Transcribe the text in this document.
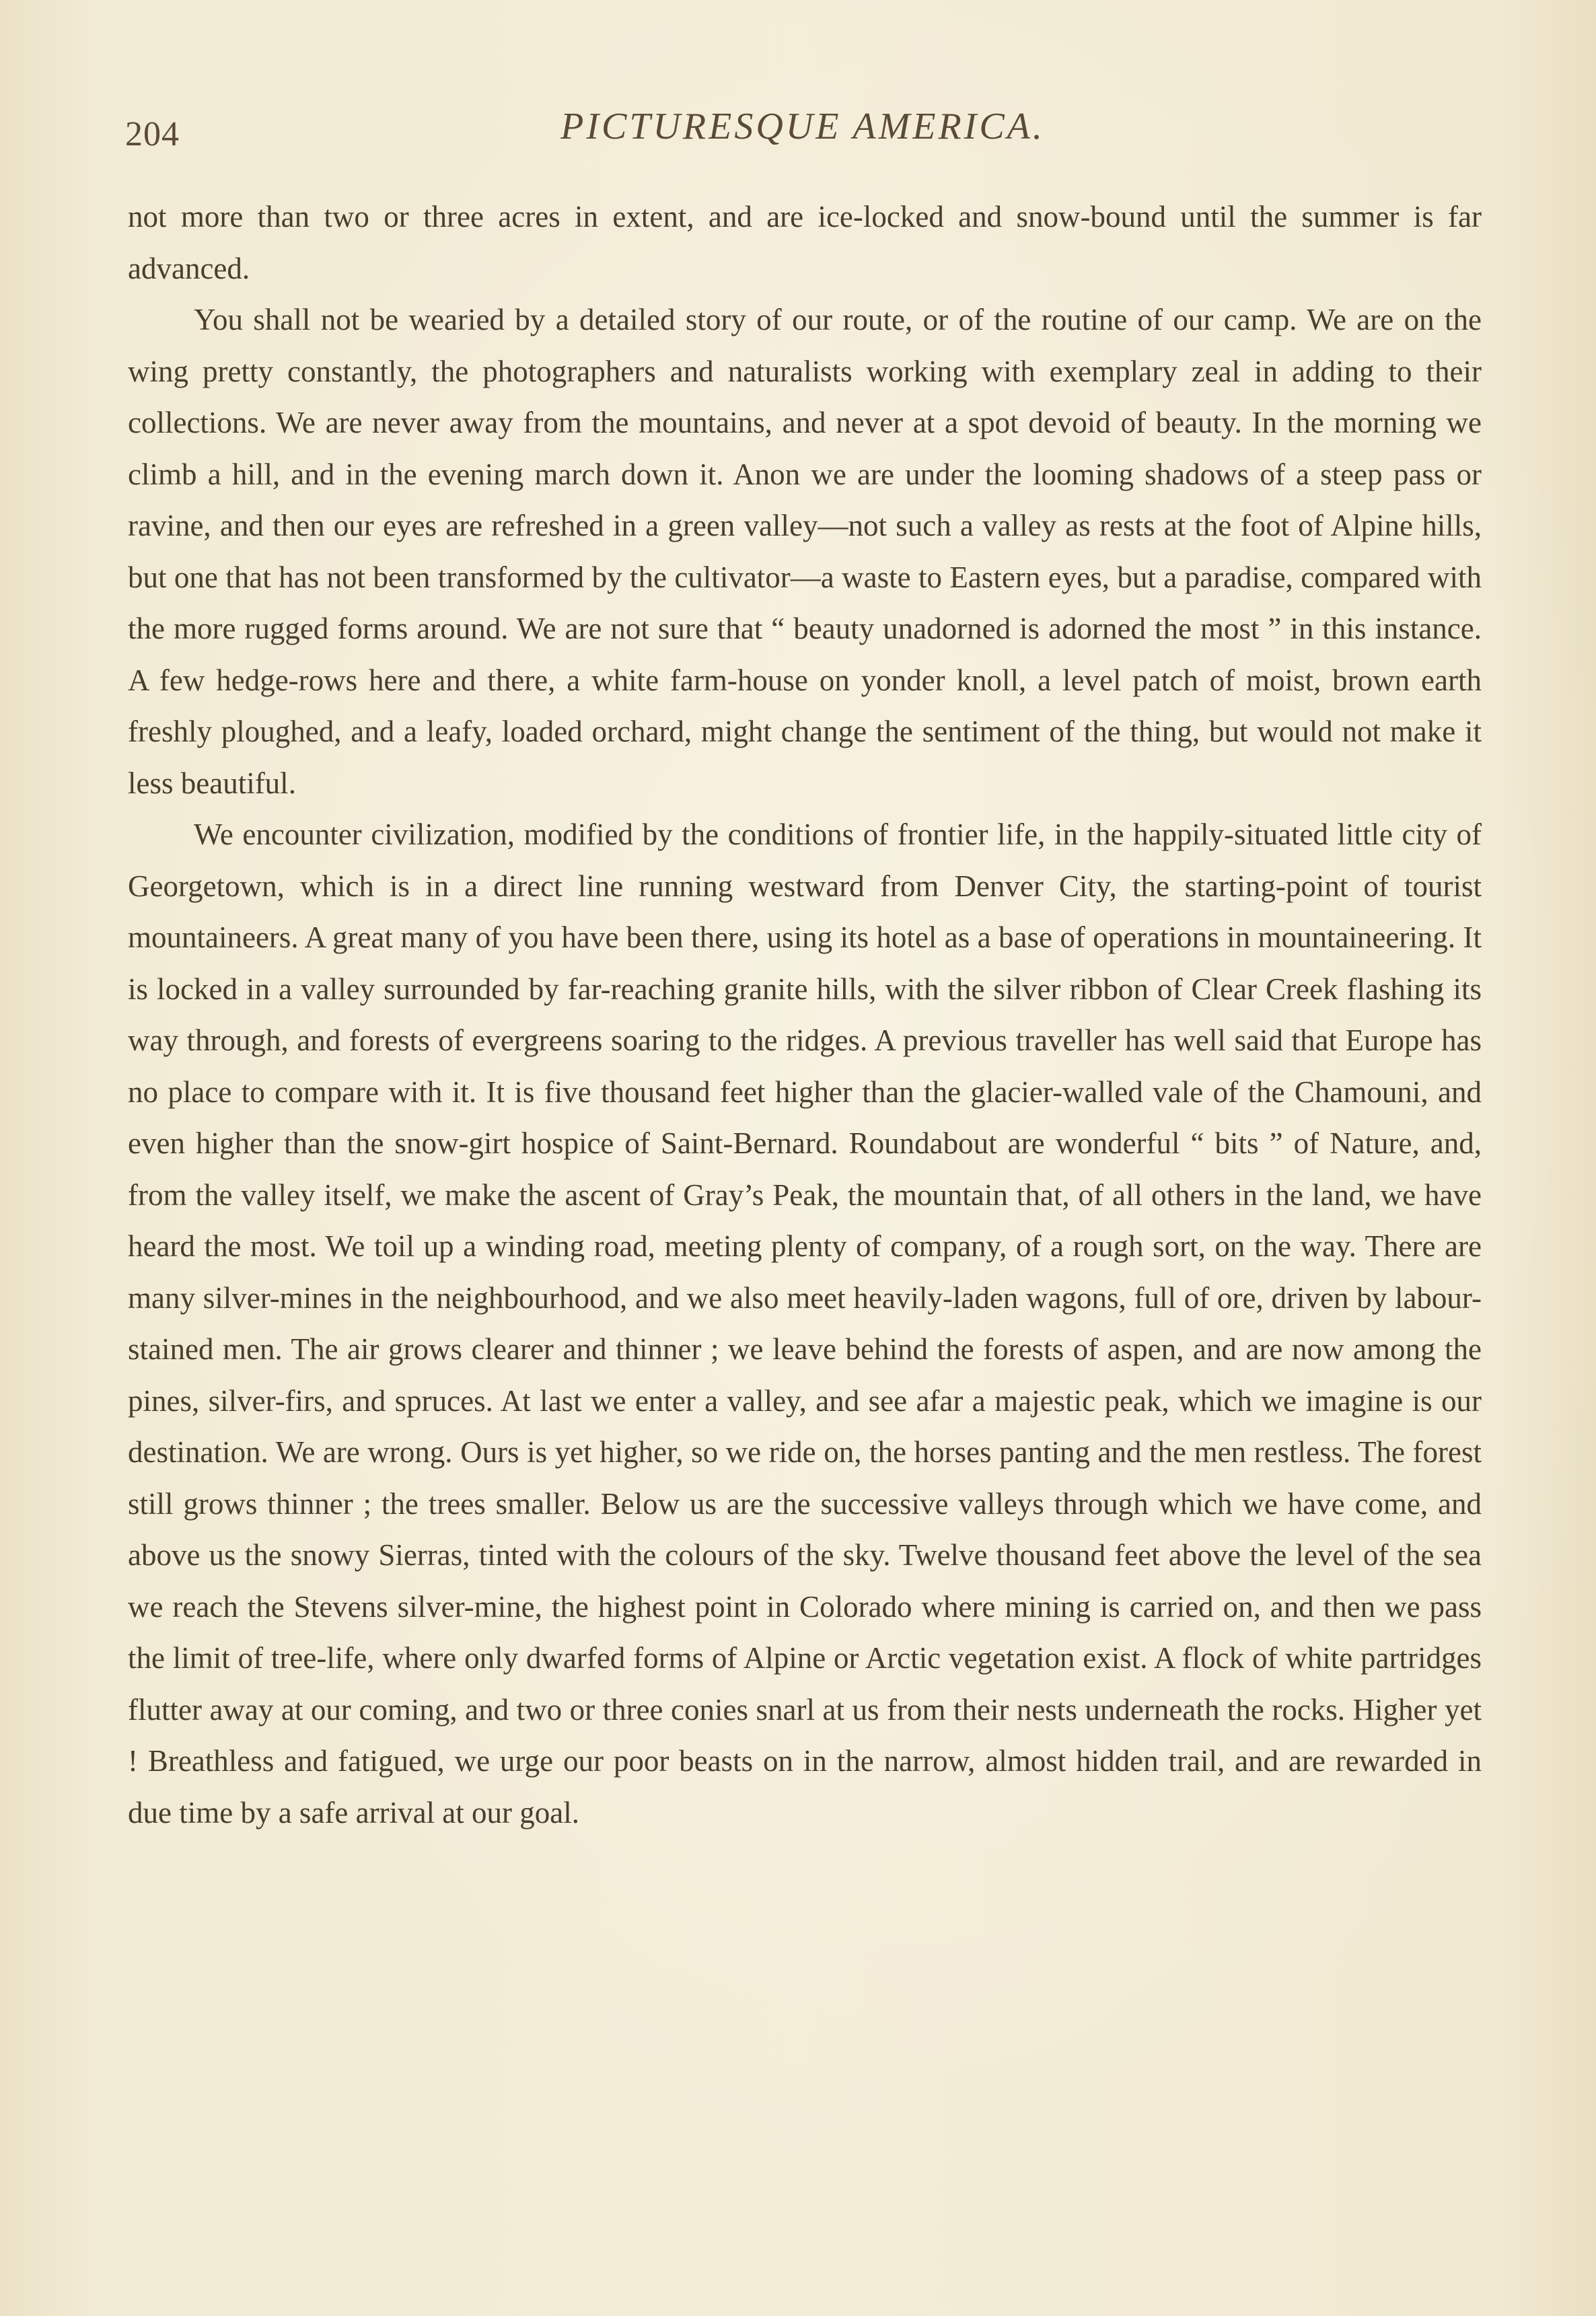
204	PICTURESQUE AMERICA.

not more than two or three acres in extent, and are ice-locked and snow-bound until the summer is far advanced.

You shall not be wearied by a detailed story of our route, or of the routine of our camp. We are on the wing pretty constantly, the photographers and naturalists working with exemplary zeal in adding to their collections. We are never away from the mountains, and never at a spot devoid of beauty. In the morning we climb a hill, and in the evening march down it. Anon we are under the looming shadows of a steep pass or ravine, and then our eyes are refreshed in a green valley—not such a valley as rests at the foot of Alpine hills, but one that has not been transformed by the cultivator—a waste to Eastern eyes, but a paradise, compared with the more rugged forms around. We are not sure that “ beauty unadorned is adorned the most ” in this instance. A few hedge-rows here and there, a white farm-house on yonder knoll, a level patch of moist, brown earth freshly ploughed, and a leafy, loaded orchard, might change the sentiment of the thing, but would not make it less beautiful.

We encounter civilization, modified by the conditions of frontier life, in the happily-situated little city of Georgetown, which is in a direct line running westward from Denver City, the starting-point of tourist mountaineers. A great many of you have been there, using its hotel as a base of operations in mountaineering. It is locked in a valley surrounded by far-reaching granite hills, with the silver ribbon of Clear Creek flashing its way through, and forests of evergreens soaring to the ridges. A previous traveller has well said that Europe has no place to compare with it. It is five thousand feet higher than the glacier-walled vale of the Chamouni, and even higher than the snow-girt hospice of Saint-Bernard. Roundabout are wonderful “ bits ” of Nature, and, from the valley itself, we make the ascent of Gray’s Peak, the mountain that, of all others in the land, we have heard the most. We toil up a winding road, meeting plenty of company, of a rough sort, on the way. There are many silver-mines in the neighbourhood, and we also meet heavily-laden wagons, full of ore, driven by labour-stained men. The air grows clearer and thinner ; we leave behind the forests of aspen, and are now among the pines, silver-firs, and spruces. At last we enter a valley, and see afar a majestic peak, which we imagine is our destination. We are wrong. Ours is yet higher, so we ride on, the horses panting and the men restless. The forest still grows thinner ; the trees smaller. Below us are the successive valleys through which we have come, and above us the snowy Sierras, tinted with the colours of the sky. Twelve thousand feet above the level of the sea we reach the Stevens silver-mine, the highest point in Colorado where mining is carried on, and then we pass the limit of tree-life, where only dwarfed forms of Alpine or Arctic vegetation exist. A flock of white partridges flutter away at our coming, and two or three conies snarl at us from their nests underneath the rocks. Higher yet ! Breathless and fatigued, we urge our poor beasts on in the narrow, almost hidden trail, and are rewarded in due time by a safe arrival at our goal.
